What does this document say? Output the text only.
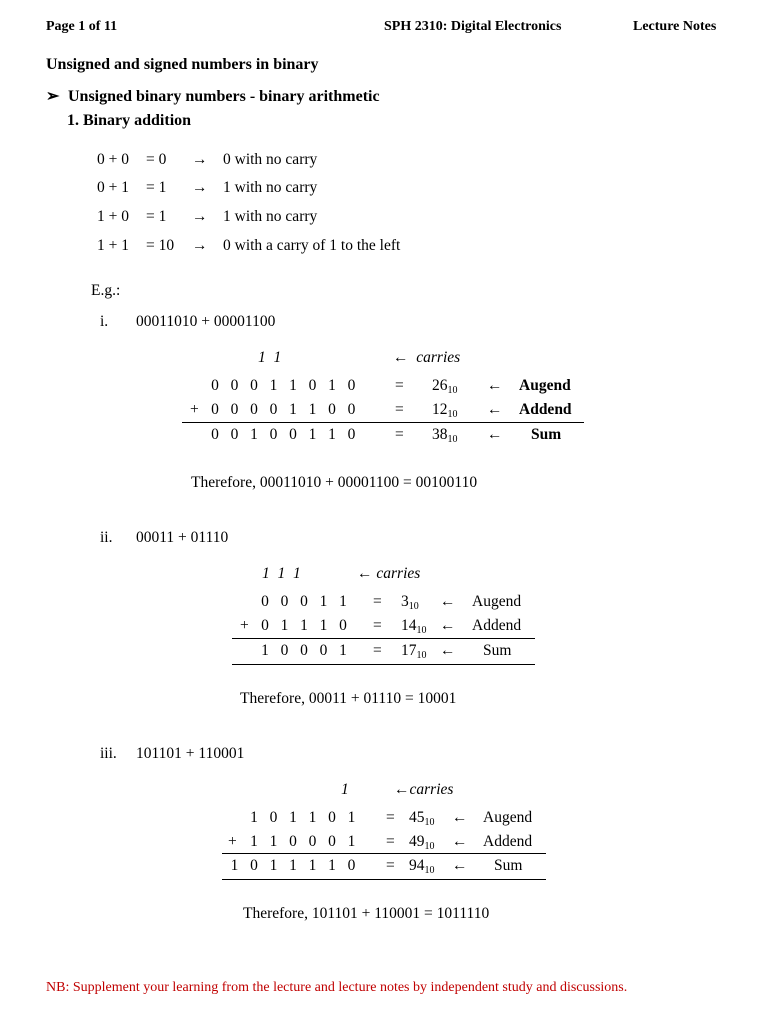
Page 1 of 11	SPH 2310: Digital Electronics	Lecture Notes
Unsigned and signed numbers in binary
➢ Unsigned binary numbers - binary arithmetic
1. Binary addition
0 + 0 = 0 → 0 with no carry
0 + 1 = 1 → 1 with no carry
1 + 0 = 1 → 1 with no carry
1 + 1 = 10 → 0 with a carry of 1 to the left
E.g.:
i. 00011010 + 00001100
1  1	←  carries
0 0 0 1 1 0 1 0	= $26_{10}$ ← Augend
+ 0 0 0 0 1 1 0 0	= $12_{10}$ ← Addend
0 0 1 0 0 1 1 0	= $38_{10}$ ← Sum
Therefore, 00011010 + 00001100 = 00100110
ii. 00011 + 01110
1  1  1	← carries
0 0 0 1 $1 = 3_{10}$ ← Augend
+ 0 1 1 1 $0 = 14_{10}$ ← Addend
1 0 0 0 $1 = 17_{10}$ ← Sum
Therefore, 00011 + 01110 = 10001
iii. 101101 + 110001
1	←carries
1 0 1 1 0 $1 = 45_{10}$ ← Augend
+ 1 1 0 0 0 $1 = 49_{10}$ ← Addend
1 0 1 1 1 1 $0 = 94_{10}$ ← Sum
Therefore, 101101 + 110001 = 1011110
NB: Supplement your learning from the lecture and lecture notes by independent study and discussions.
